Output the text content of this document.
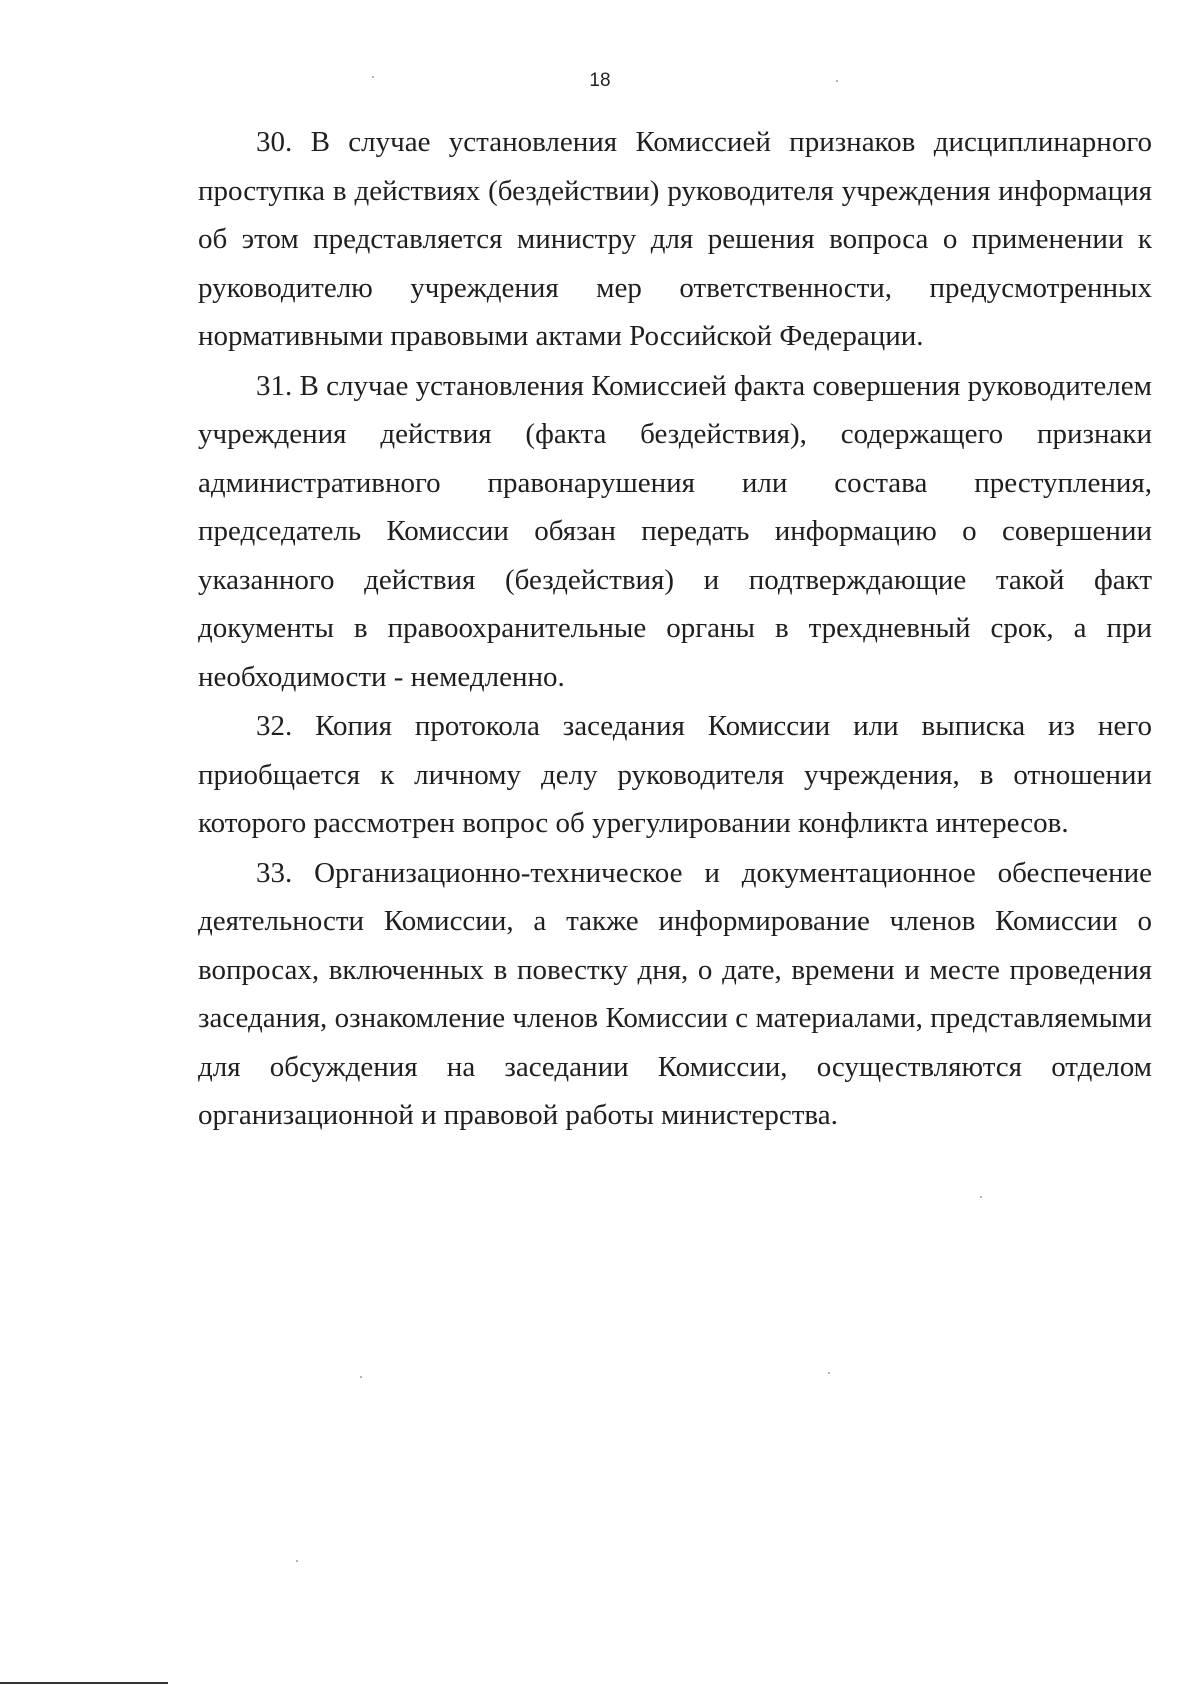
18

30. В случае установления Комиссией признаков дисциплинарного проступка в действиях (бездействии) руководителя учреждения информация об этом представляется министру для решения вопроса о применении к руководителю учреждения мер ответственности, предусмотренных нормативными правовыми актами Российской Федерации.

31. В случае установления Комиссией факта совершения руководителем учреждения действия (факта бездействия), содержащего признаки административного правонарушения или состава преступления, председатель Комиссии обязан передать информацию о совершении указанного действия (бездействия) и подтверждающие такой факт документы в правоохранительные органы в трехдневный срок, а при необходимости - немедленно.

32. Копия протокола заседания Комиссии или выписка из него приобщается к личному делу руководителя учреждения, в отношении которого рассмотрен вопрос об урегулировании конфликта интересов.

33. Организационно-техническое и документационное обеспечение деятельности Комиссии, а также информирование членов Комиссии о вопросах, включенных в повестку дня, о дате, времени и месте проведения заседания, ознакомление членов Комиссии с материалами, представляемыми для обсуждения на заседании Комиссии, осуществляются отделом организационной и правовой работы министерства.
